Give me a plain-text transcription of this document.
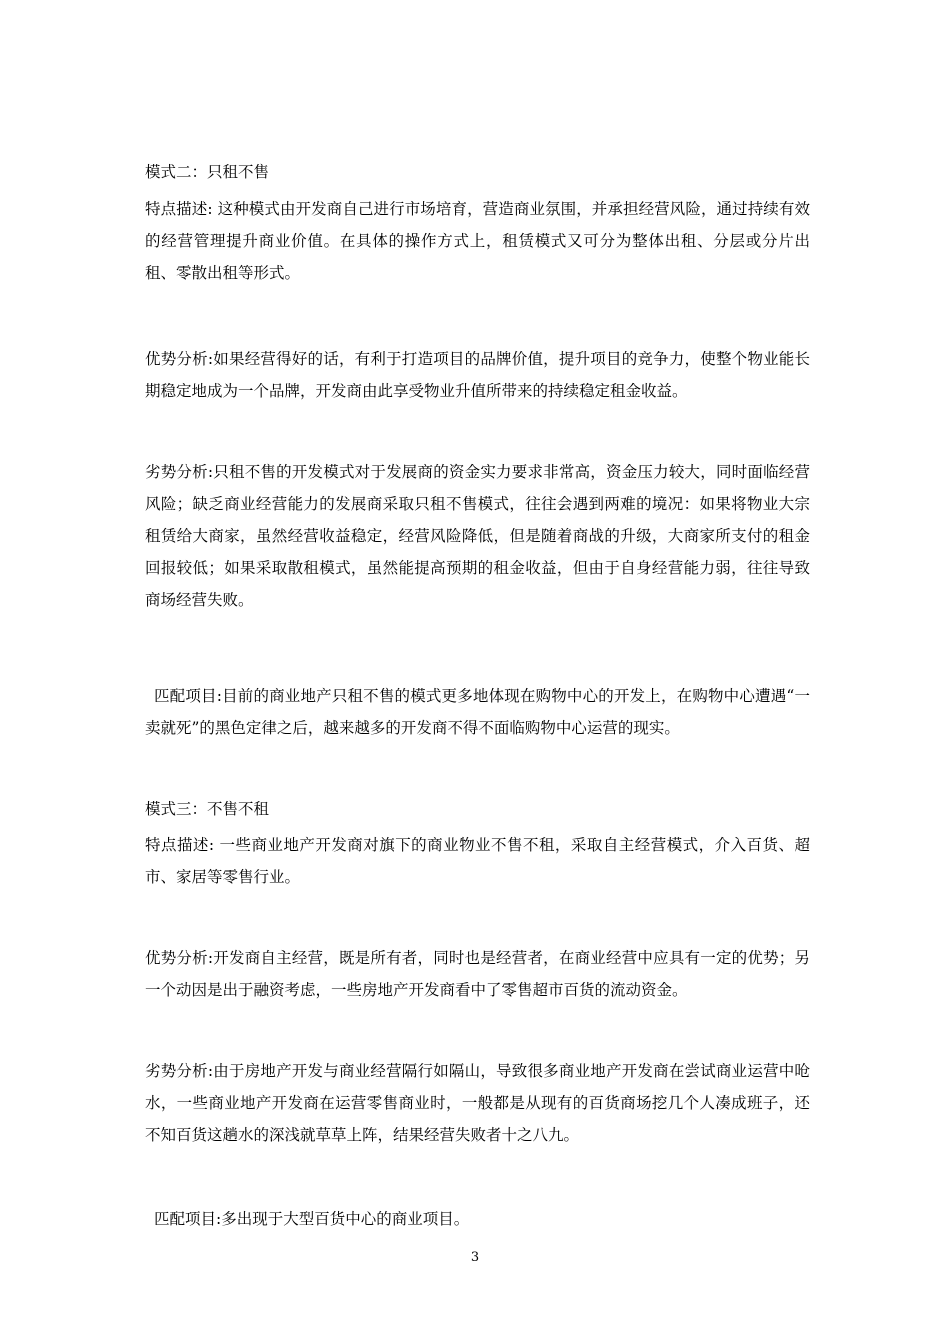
模式二：只租不售

特点描述: 这种模式由开发商自己进行市场培育，营造商业氛围，并承担经营风险，通过持续有效的经营管理提升商业价值。在具体的操作方式上，租赁模式又可分为整体出租、分层或分片出租、零散出租等形式。

优势分析:如果经营得好的话，有利于打造项目的品牌价值，提升项目的竞争力，使整个物业能长期稳定地成为一个品牌，开发商由此享受物业升值所带来的持续稳定租金收益。

劣势分析:只租不售的开发模式对于发展商的资金实力要求非常高，资金压力较大，同时面临经营风险；缺乏商业经营能力的发展商采取只租不售模式，往往会遇到两难的境况：如果将物业大宗租赁给大商家，虽然经营收益稳定，经营风险降低，但是随着商战的升级，大商家所支付的租金回报较低；如果采取散租模式，虽然能提高预期的租金收益，但由于自身经营能力弱，往往导致商场经营失败。

匹配项目:目前的商业地产只租不售的模式更多地体现在购物中心的开发上，在购物中心遭遇“一卖就死”的黑色定律之后，越来越多的开发商不得不面临购物中心运营的现实。

模式三：不售不租

特点描述: 一些商业地产开发商对旗下的商业物业不售不租，采取自主经营模式，介入百货、超市、家居等零售行业。

优势分析:开发商自主经营，既是所有者，同时也是经营者，在商业经营中应具有一定的优势；另一个动因是出于融资考虑，一些房地产开发商看中了零售超市百货的流动资金。

劣势分析:由于房地产开发与商业经营隔行如隔山，导致很多商业地产开发商在尝试商业运营中呛水，一些商业地产开发商在运营零售商业时，一般都是从现有的百货商场挖几个人凑成班子，还不知百货这趟水的深浅就草草上阵，结果经营失败者十之八九。

匹配项目:多出现于大型百货中心的商业项目。

3
